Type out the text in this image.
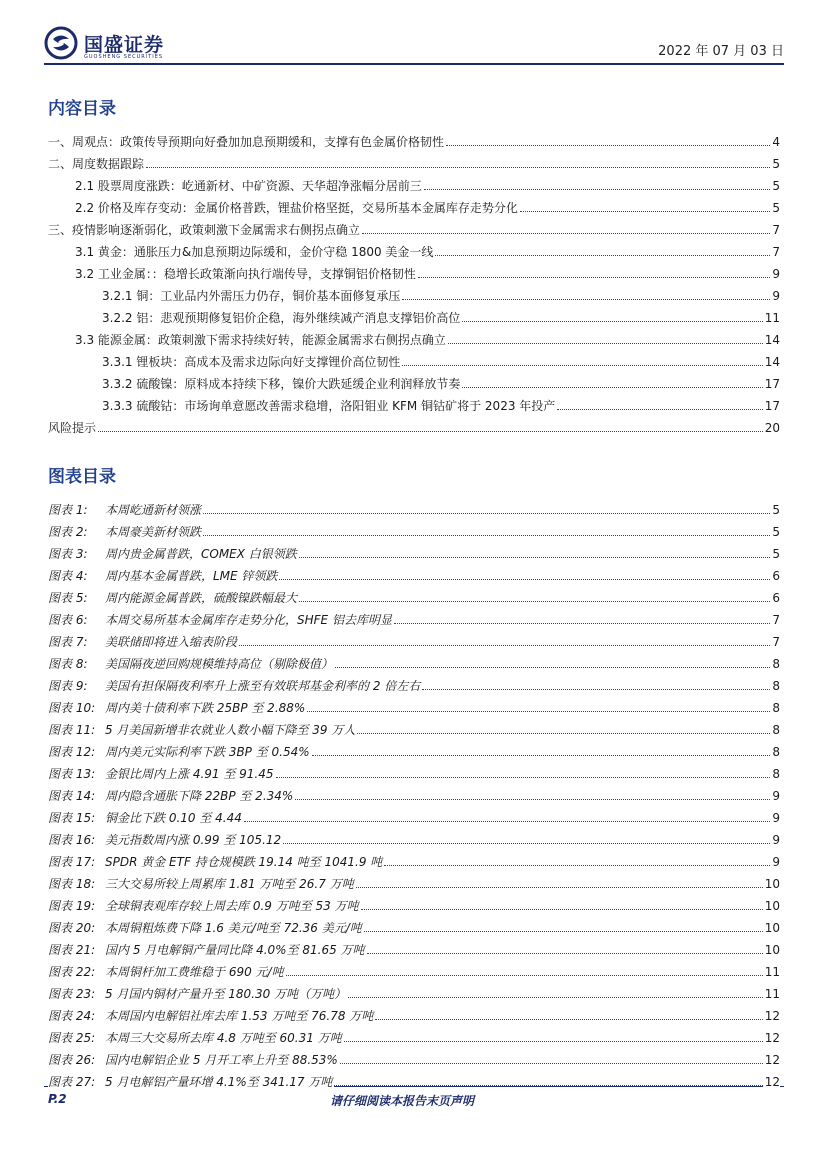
国盛证券
GUOSHENG SECURITIES	2022 年 07 月 03 日
内容目录
一、周观点：政策传导预期向好叠加加息预期缓和，支撑有色金属价格韧性	4
二、周度数据跟踪	5
2.1 股票周度涨跌：屹通新材、中矿资源、天华超净涨幅分居前三	5
2.2 价格及库存变动：金属价格普跌，锂盐价格坚挺，交易所基本金属库存走势分化	5
三、疫情影响逐渐弱化，政策刺激下金属需求右侧拐点确立	7
3.1 黄金：通胀压力&加息预期边际缓和，金价守稳 1800 美金一线	7
3.2 工业金属：：稳增长政策渐向执行端传导，支撑铜铝价格韧性	9
3.2.1 铜：工业品内外需压力仍存，铜价基本面修复承压	9
3.2.2 铝：悲观预期修复铝价企稳，海外继续减产消息支撑铝价高位	11
3.3 能源金属：政策刺激下需求持续好转，能源金属需求右侧拐点确立	14
3.3.1 锂板块：高成本及需求边际向好支撑锂价高位韧性	14
3.3.2 硫酸镍：原料成本持续下移，镍价大跌延缓企业利润释放节奏	17
3.3.3 硫酸钴：市场询单意愿改善需求稳增，洛阳钼业 KFM 铜钴矿将于 2023 年投产	17
风险提示	20
图表目录
图表 1: 本周屹通新材领涨	5
图表 2: 本周豪美新材领跌	5
图表 3: 周内贵金属普跌，COMEX 白银领跌	5
图表 4: 周内基本金属普跌，LME 锌领跌	6
图表 5: 周内能源金属普跌，硫酸镍跌幅最大	6
图表 6: 本周交易所基本金属库存走势分化，SHFE 铝去库明显	7
图表 7: 美联储即将进入缩表阶段	7
图表 8: 美国隔夜逆回购规模维持高位（剔除极值）	8
图表 9: 美国有担保隔夜利率升上涨至有效联邦基金利率的 2 倍左右	8
图表 10: 周内美十债利率下跌 25BP 至 2.88%	8
图表 11: 5 月美国新增非农就业人数小幅下降至 39 万人	8
图表 12: 周内美元实际利率下跌 3BP 至 0.54%	8
图表 13: 金银比周内上涨 4.91 至 91.45	8
图表 14: 周内隐含通胀下降 22BP 至 2.34%	9
图表 15: 铜金比下跌 0.10 至 4.44	9
图表 16: 美元指数周内涨 0.99 至 105.12	9
图表 17: SPDR 黄金 ETF 持仓规模跌 19.14 吨至 1041.9 吨	9
图表 18: 三大交易所较上周累库 1.81 万吨至 26.7 万吨	10
图表 19: 全球铜表观库存较上周去库 0.9 万吨至 53 万吨	10
图表 20: 本周铜粗炼费下降 1.6 美元/吨至 72.36 美元/吨	10
图表 21: 国内 5 月电解铜产量同比降 4.0%至 81.65 万吨	10
图表 22: 本周铜杆加工费维稳于 690 元/吨	11
图表 23: 5 月国内铜材产量升至 180.30 万吨（万吨）	11
图表 24: 本周国内电解铝社库去库 1.53 万吨至 76.78 万吨	12
图表 25: 本周三大交易所去库 4.8 万吨至 60.31 万吨	12
图表 26: 国内电解铝企业 5 月开工率上升至 88.53%	12
图表 27: 5 月电解铝产量环增 4.1%至 341.17 万吨	12
P.2	请仔细阅读本报告末页声明
